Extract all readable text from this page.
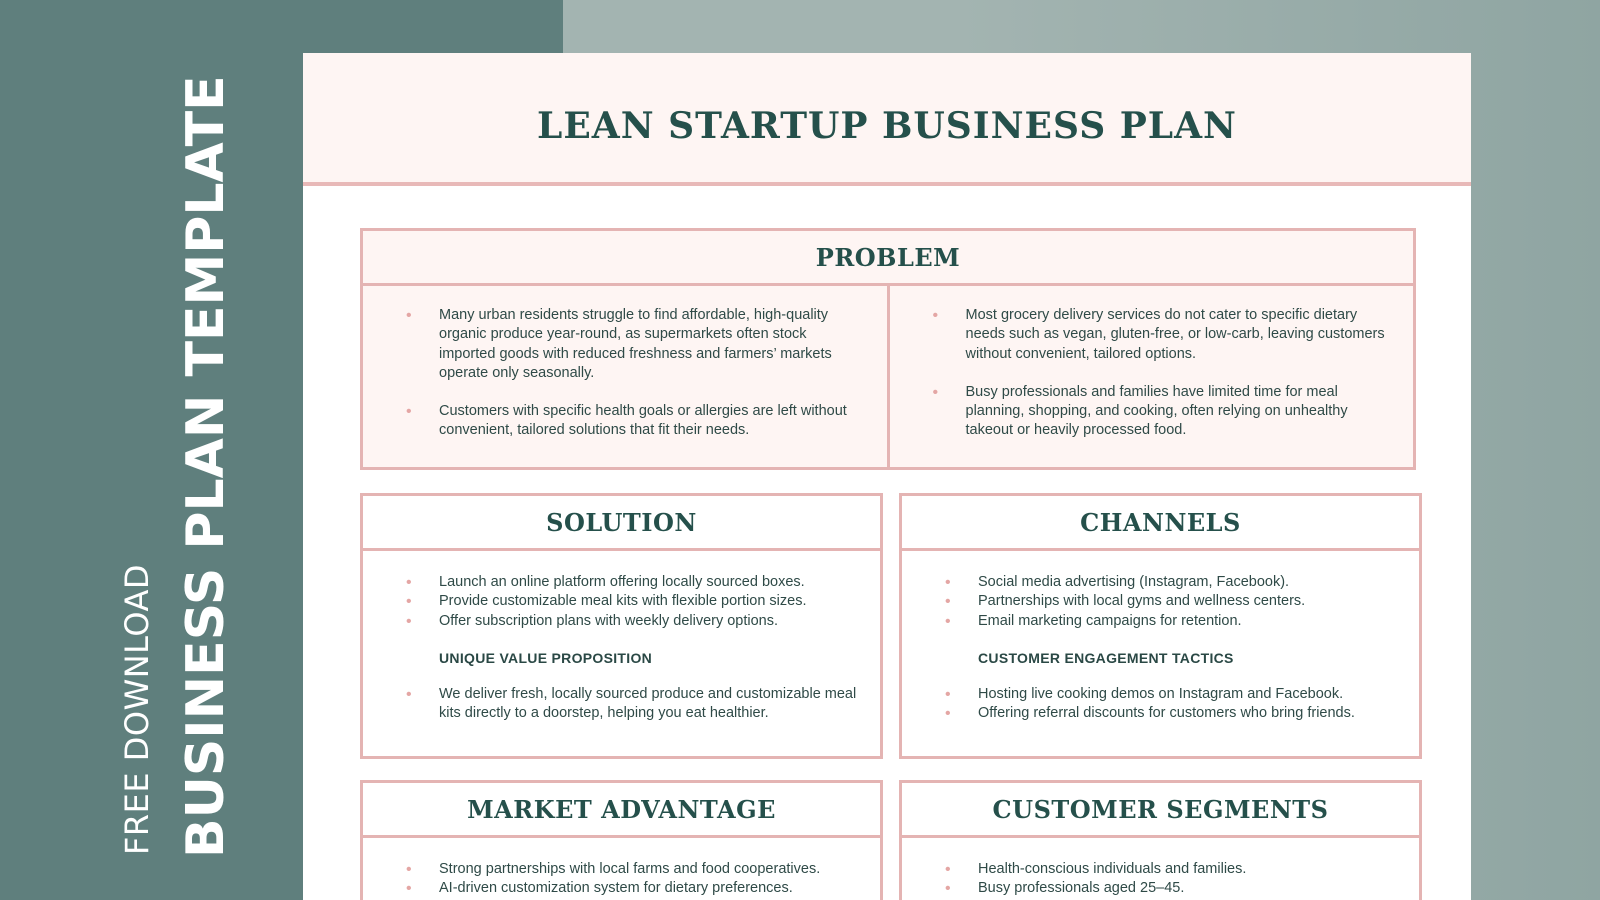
FREE DOWNLOAD BUSINESS PLAN TEMPLATE	LEAN STARTUP BUSINESS PLAN
PROBLEM
• Many urban residents struggle to find affordable, high-quality organic produce year-round, as supermarkets often stock imported goods with reduced freshness and farmers’ markets operate only seasonally.
• Customers with specific health goals or allergies are left without convenient, tailored solutions that fit their needs.
• Most grocery delivery services do not cater to specific dietary needs such as vegan, gluten-free, or low-carb, leaving customers without convenient, tailored options.
• Busy professionals and families have limited time for meal planning, shopping, and cooking, often relying on unhealthy takeout or heavily processed food.
SOLUTION
• Launch an online platform offering locally sourced boxes.
• Provide customizable meal kits with flexible portion sizes.
• Offer subscription plans with weekly delivery options.
UNIQUE VALUE PROPOSITION
• We deliver fresh, locally sourced produce and customizable meal kits directly to a doorstep, helping you eat healthier.
CHANNELS
• Social media advertising (Instagram, Facebook).
• Partnerships with local gyms and wellness centers.
• Email marketing campaigns for retention.
CUSTOMER ENGAGEMENT TACTICS
• Hosting live cooking demos on Instagram and Facebook.
• Offering referral discounts for customers who bring friends.
MARKET ADVANTAGE
• Strong partnerships with local farms and food cooperatives.
• AI-driven customization system for dietary preferences.
CUSTOMER SEGMENTS
• Health-conscious individuals and families.
• Busy professionals aged 25–45.
